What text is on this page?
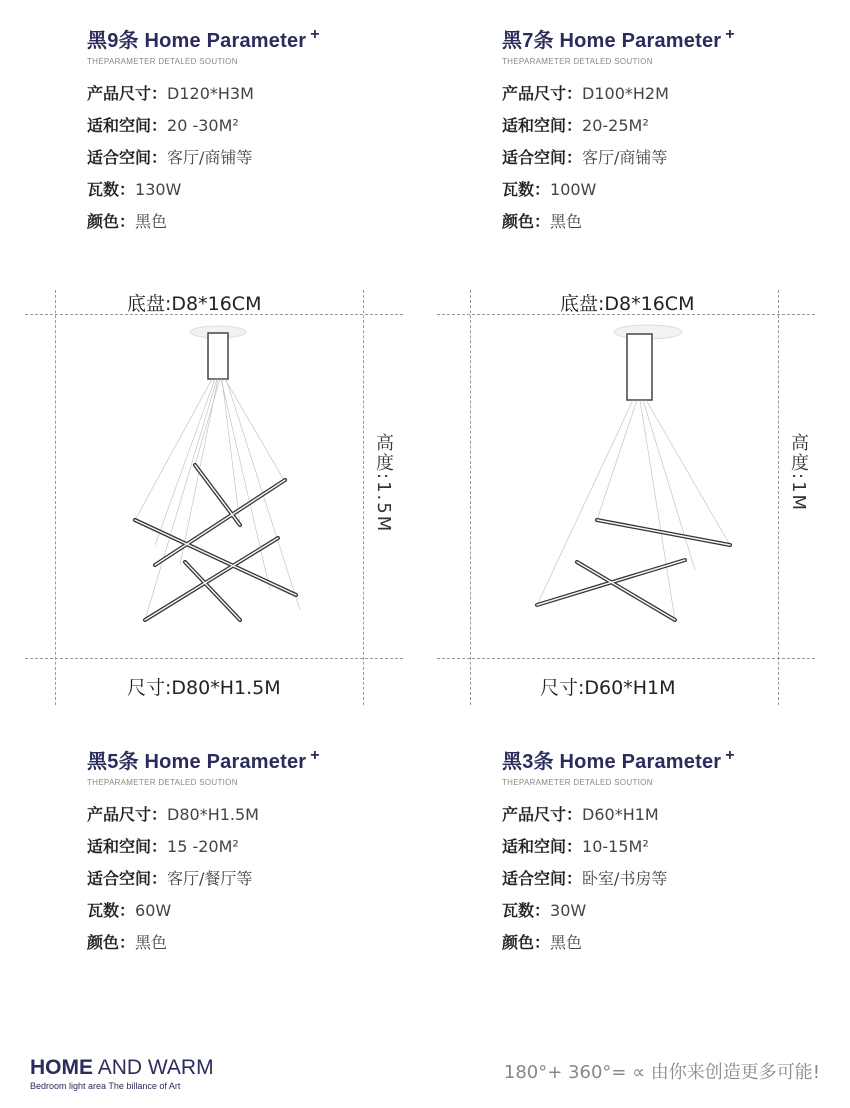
黑9条 Home Parameter +
THEPARAMETER DETALED SOUTION
产品尺寸：D120*H3M
适和空间：20 -30M²
适合空间：客厅/商铺等
瓦数：130W
颜色：黑色
黑7条 Home Parameter +
THEPARAMETER DETALED SOUTION
产品尺寸：D100*H2M
适和空间：20-25M²
适合空间：客厅/商铺等
瓦数：100W
颜色：黑色
底盘:D8*16CM
高度:1.5M
尺寸:D80*H1.5M
底盘:D8*16CM
高度:1M
尺寸:D60*H1M
黑5条 Home Parameter +
THEPARAMETER DETALED SOUTION
产品尺寸：D80*H1.5M
适和空间：15 -20M²
适合空间：客厅/餐厅等
瓦数：60W
颜色：黑色
黑3条 Home Parameter +
THEPARAMETER DETALED SOUTION
产品尺寸：D60*H1M
适和空间：10-15M²
适合空间：卧室/书房等
瓦数：30W
颜色：黑色
HOME AND WARM
Bedroom light area The billance of Art
180°+ 360°= ∝ 由你来创造更多可能!
